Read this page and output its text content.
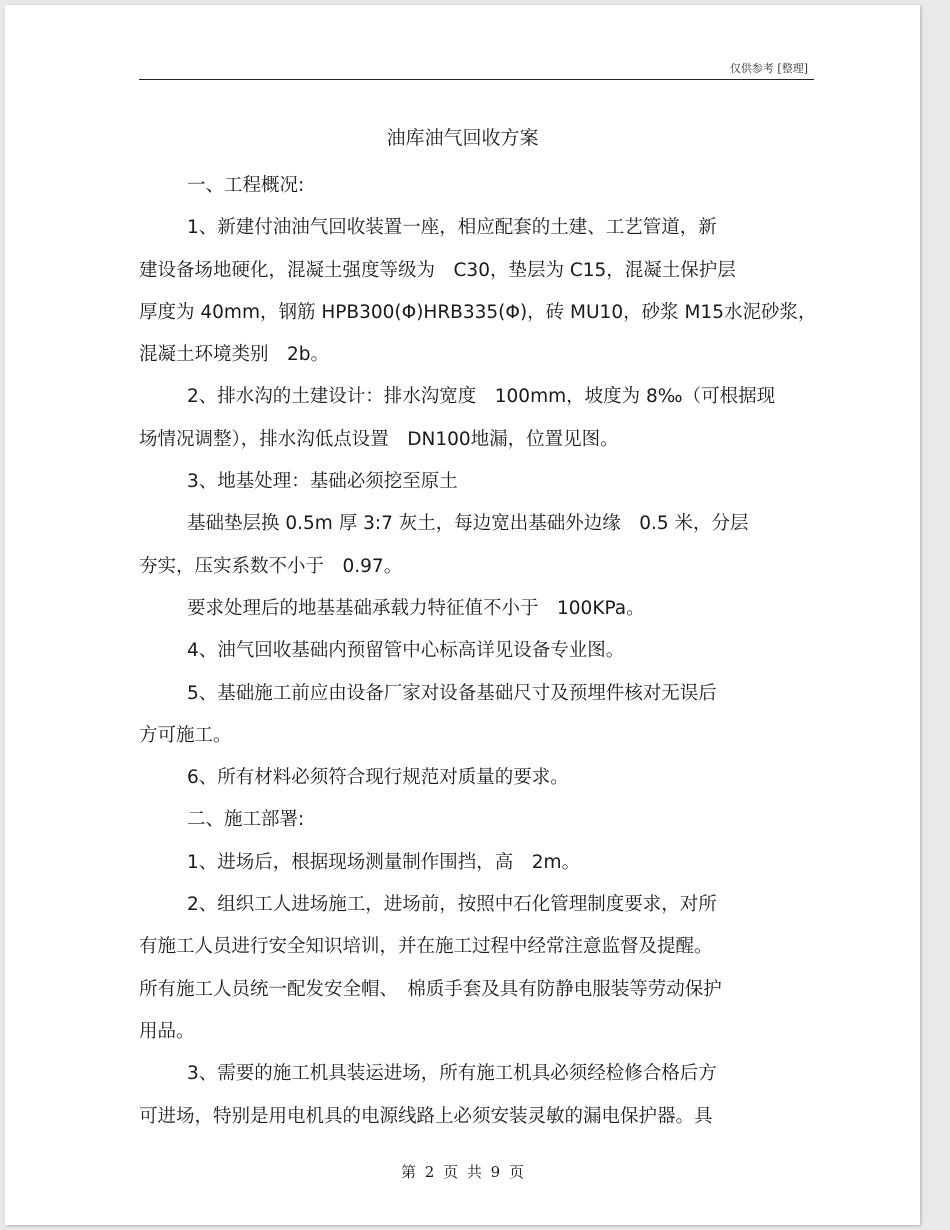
仅供参考 [整理]
油库油气回收方案

一、工程概况:

1、新建付油油气回收装置一座，相应配套的土建、工艺管道，新

建设备场地硬化，混凝土强度等级为　C30，垫层为 C15，混凝土保护层

厚度为 40mm，钢筋 HPB300(Φ)HRB335(Φ)，砖 MU10，砂浆 M15水泥砂浆，

混凝土环境类别　2b。

2、排水沟的土建设计：排水沟宽度　100mm，坡度为 8‰（可根据现

场情况调整），排水沟低点设置　DN100地漏，位置见图。

3、地基处理：基础必须挖至原土

基础垫层换 0.5m 厚 3:7 灰土，每边宽出基础外边缘　0.5 米，分层

夯实，压实系数不小于　0.97。

要求处理后的地基基础承载力特征值不小于　100KPa。

4、油气回收基础内预留管中心标高详见设备专业图。

5、基础施工前应由设备厂家对设备基础尺寸及预埋件核对无误后

方可施工。

6、所有材料必须符合现行规范对质量的要求。

二、施工部署:

1、进场后，根据现场测量制作围挡，高　2m。

2、组织工人进场施工，进场前，按照中石化管理制度要求，对所

有施工人员进行安全知识培训，并在施工过程中经常注意监督及提醒。

所有施工人员统一配发安全帽、　棉质手套及具有防静电服装等劳动保护

用品。

3、需要的施工机具装运进场，所有施工机具必须经检修合格后方

可进场，特别是用电机具的电源线路上必须安装灵敏的漏电保护器。具

第 2 页 共 9 页
